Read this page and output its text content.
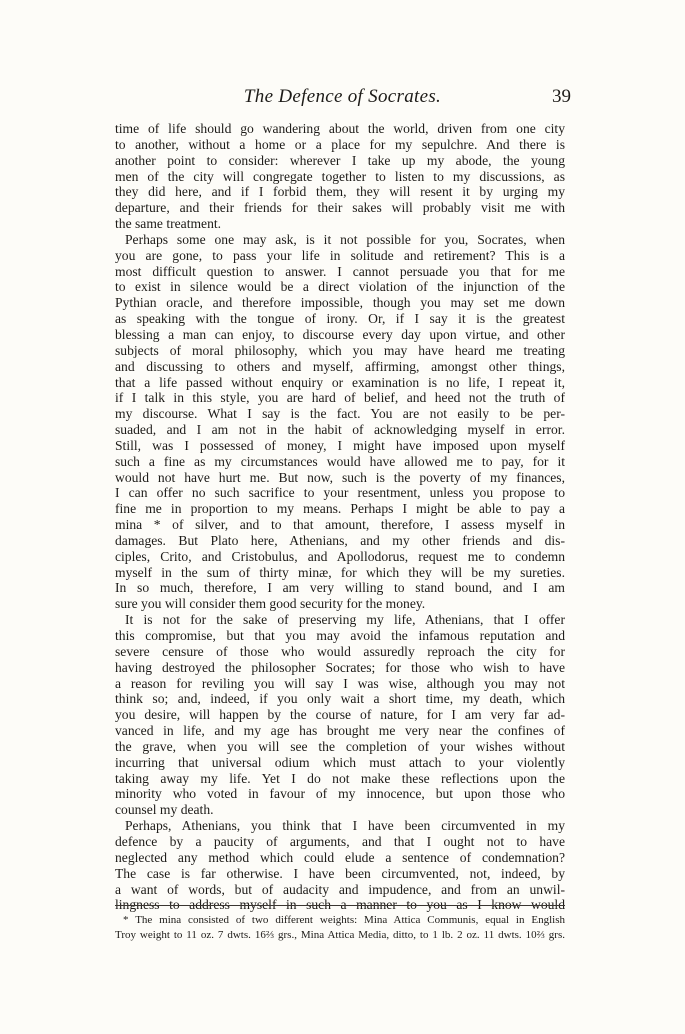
The Defence of Socrates.	39
time of life should go wandering about the world, driven from one city
to another, without a home or a place for my sepulchre. And there is
another point to consider: wherever I take up my abode, the young
men of the city will congregate together to listen to my discussions, as
they did here, and if I forbid them, they will resent it by urging my
departure, and their friends for their sakes will probably visit me with
the same treatment.
Perhaps some one may ask, is it not possible for you, Socrates, when
you are gone, to pass your life in solitude and retirement? This is a
most difficult question to answer. I cannot persuade you that for me
to exist in silence would be a direct violation of the injunction of the
Pythian oracle, and therefore impossible, though you may set me down
as speaking with the tongue of irony. Or, if I say it is the greatest
blessing a man can enjoy, to discourse every day upon virtue, and other
subjects of moral philosophy, which you may have heard me treating
and discussing to others and myself, affirming, amongst other things,
that a life passed without enquiry or examination is no life, I repeat it,
if I talk in this style, you are hard of belief, and heed not the truth of
my discourse. What I say is the fact. You are not easily to be per-
suaded, and I am not in the habit of acknowledging myself in error.
Still, was I possessed of money, I might have imposed upon myself
such a fine as my circumstances would have allowed me to pay, for it
would not have hurt me. But now, such is the poverty of my finances,
I can offer no such sacrifice to your resentment, unless you propose to
fine me in proportion to my means. Perhaps I might be able to pay a
mina * of silver, and to that amount, therefore, I assess myself in
damages. But Plato here, Athenians, and my other friends and dis-
ciples, Crito, and Cristobulus, and Apollodorus, request me to condemn
myself in the sum of thirty minæ, for which they will be my sureties.
In so much, therefore, I am very willing to stand bound, and I am
sure you will consider them good security for the money.
It is not for the sake of preserving my life, Athenians, that I offer
this compromise, but that you may avoid the infamous reputation and
severe censure of those who would assuredly reproach the city for
having destroyed the philosopher Socrates; for those who wish to have
a reason for reviling you will say I was wise, although you may not
think so; and, indeed, if you only wait a short time, my death, which
you desire, will happen by the course of nature, for I am very far ad-
vanced in life, and my age has brought me very near the confines of
the grave, when you will see the completion of your wishes without
incurring that universal odium which must attach to your violently
taking away my life. Yet I do not make these reflections upon the
minority who voted in favour of my innocence, but upon those who
counsel my death.
Perhaps, Athenians, you think that I have been circumvented in my
defence by a paucity of arguments, and that I ought not to have
neglected any method which could elude a sentence of condemnation?
The case is far otherwise. I have been circumvented, not, indeed, by
a want of words, but of audacity and impudence, and from an unwil-
lingness to address myself in such a manner to you as I know would
* The mina consisted of two different weights: Mina Attica Communis, equal in English
Troy weight to 11 oz. 7 dwts. 16⅔ grs., Mina Attica Media, ditto, to 1 lb. 2 oz. 11 dwts. 10⅔ grs.
